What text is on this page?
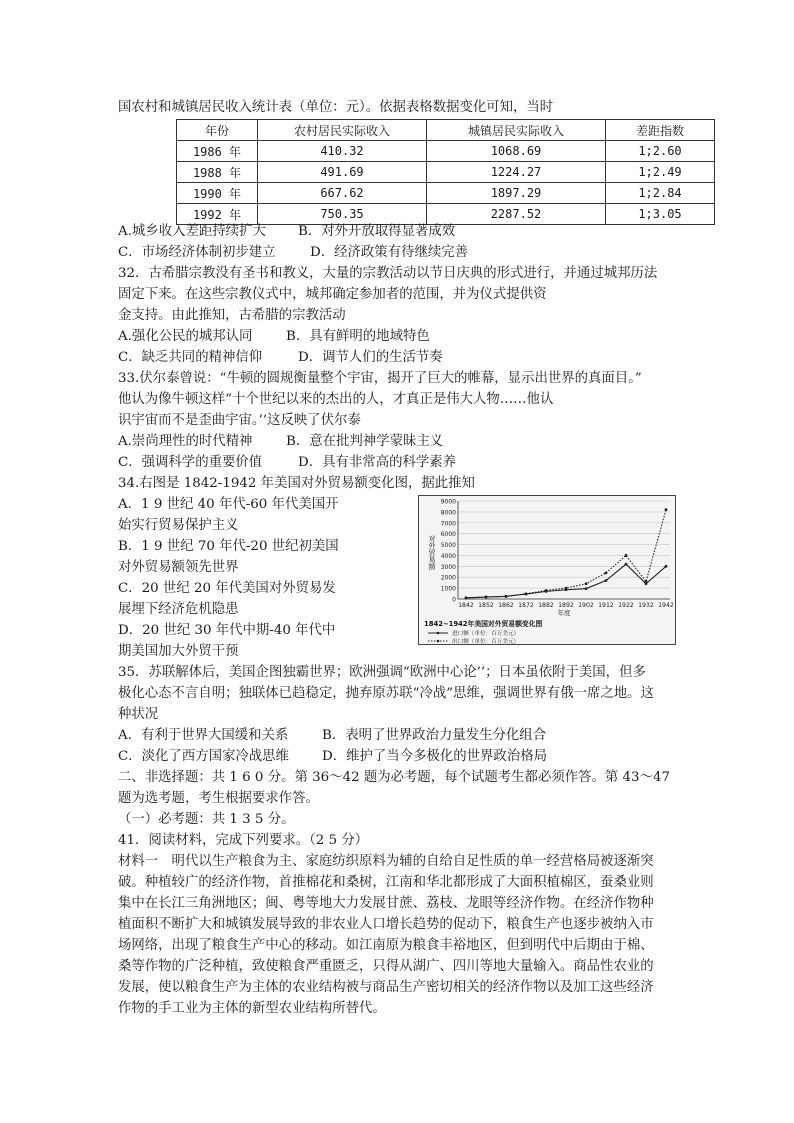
国农村和城镇居民收入统计表（单位：元）。依据表格数据变化可知，当时
年份	农村居民实际收入	城镇居民实际收入	差距指数
1986 年	410.32	1068.69	1;2.60
1988 年	491.69	1224.27	1;2.49
1990 年	667.62	1897.29	1;2.84
1992 年	750.35	2287.52	1;3.05
A.城乡收入差距持续扩大 B．对外开放取得显著成效
C．市场经济体制初步建立	D．经济政策有待继续完善
32．古希腊宗教没有圣书和教义，大量的宗教活动以节日庆典的形式进行，并通过城邦历法
固定下来。在这些宗教仪式中，城邦确定参加者的范围，并为仪式提供资
金支持。由此推知，古希腊的宗教活动
A.强化公民的城邦认同	B．具有鲜明的地域特色
C．缺乏共同的精神信仰	D．调节人们的生活节奏
33.伏尔泰曾说：“牛顿的圆规衡量整个宇宙，揭开了巨大的帷幕，显示出世界的真面目。”
他认为像牛顿这样“十个世纪以来的杰出的人，才真正是伟大人物……他认
识宇宙而不是歪曲宇宙。’’这反映了伏尔泰
A.崇尚理性的时代精神	B．意在批判神学蒙昧主义
C．强调科学的重要价值	D．具有非常高的科学素养
34.右图是 1842-1942 年美国对外贸易额变化图，据此推知
A．1 9 世纪 40 年代-60 年代美国开
始实行贸易保护主义
B．1 9 世纪 70 年代-20 世纪初美国
对外贸易额领先世界
C．20 世纪 20 年代美国对外贸易发
展埋下经济危机隐患
D．20 世纪 30 年代中期-40 年代中
期美国加大外贸干预
0
1000
2000
3000
4000
5000
6000
7000
8000
9000
对外贸易额
1842 1852 1862 1872 1882 1892 1902 1912 1922 1932 1942
年度
1842~1942年美国对外贸易额变化图
进口额（单位：百万美元）
出口额（单位：百万美元）
35．苏联解体后，美国企图独霸世界；欧洲强调“欧洲中心论’’；日本虽依附于美国，但多
极化心态不言自明；独联体已趋稳定，抛弃原苏联“冷战”思维，强调世界有俄一席之地。这
种状况
A．有利于世界大国缓和关系	B．表明了世界政治力量发生分化组合
C．淡化了西方国家冷战思维 D．维护了当今多极化的世界政治格局
二、非选择题：共 1 6 0 分。第 36～42 题为必考题，每个试题考生都必须作答。第 43～47
题为选考题，考生根据要求作答。
（一）必考题：共 1 3 5 分。
41．阅读材料，完成下列要求。（2 5 分）
材料一　明代以生产粮食为主、家庭纺织原料为辅的自给自足性质的单一经营格局被逐渐突
破。种植较广的经济作物，首推棉花和桑树，江南和华北都形成了大面积植棉区，蚕桑业则
集中在长江三角洲地区；闽、粤等地大力发展甘蔗、荔枝、龙眼等经济作物。在经济作物种
植面积不断扩大和城镇发展导致的非农业人口增长趋势的促动下，粮食生产也逐步被纳入市
场网络，出现了粮食生产中心的移动。如江南原为粮食丰裕地区，但到明代中后期由于棉、
桑等作物的广泛种植，致使粮食严重匮乏，只得从湖广、四川等地大量输入。商品性农业的
发展，使以粮食生产为主体的农业结构被与商品生产密切相关的经济作物以及加工这些经济
作物的手工业为主体的新型农业结构所替代。
